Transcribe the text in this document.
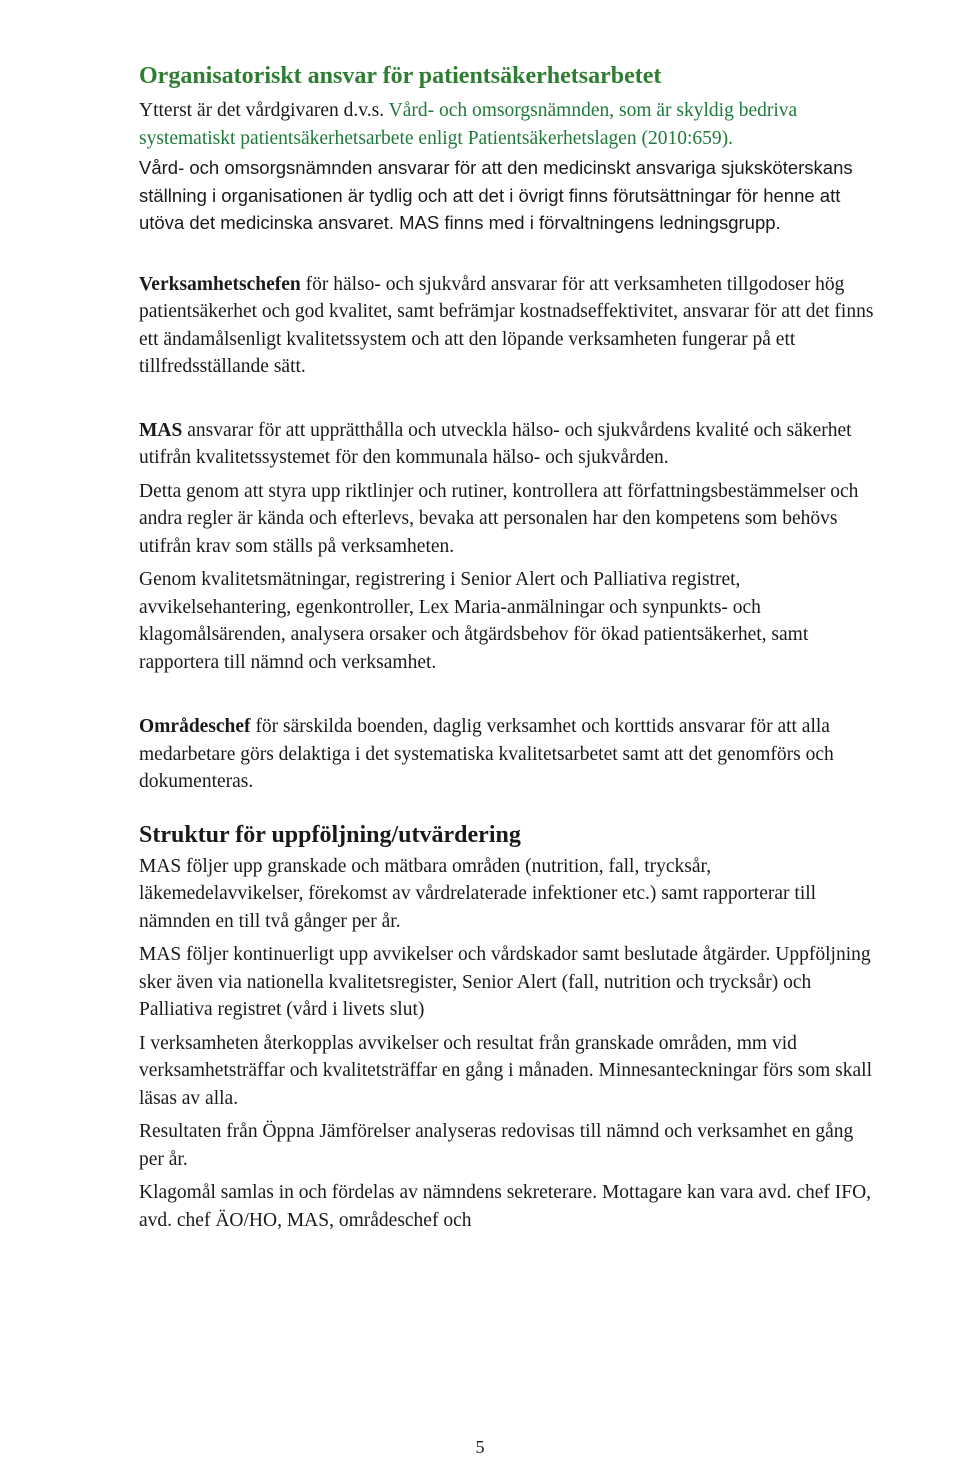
Organisatoriskt ansvar för patientsäkerhetsarbetet

Ytterst är det vårdgivaren d.v.s. Vård- och omsorgsnämnden, som är skyldig bedriva systematiskt patientsäkerhetsarbete enligt Patientsäkerhetslagen (2010:659).

Vård- och omsorgsnämnden ansvarar för att den medicinskt ansvariga sjuksköterskans ställning i organisationen är tydlig och att det i övrigt finns förutsättningar för henne att utöva det medicinska ansvaret. MAS finns med i förvaltningens ledningsgrupp.

Verksamhetschefen för hälso- och sjukvård ansvarar för att verksamheten tillgodoser hög patientsäkerhet och god kvalitet, samt befrämjar kostnadseffektivitet, ansvarar för att det finns ett ändamålsenligt kvalitetssystem och att den löpande verksamheten fungerar på ett tillfredsställande sätt.

MAS ansvarar för att upprätthålla och utveckla hälso- och sjukvårdens kvalité och säkerhet utifrån kvalitetssystemet för den kommunala hälso- och sjukvården.

Detta genom att styra upp riktlinjer och rutiner, kontrollera att författningsbestämmelser och andra regler är kända och efterlevs, bevaka att personalen har den kompetens som behövs utifrån krav som ställs på verksamheten.

Genom kvalitetsmätningar, registrering i Senior Alert och Palliativa registret, avvikelsehantering, egenkontroller, Lex Maria-anmälningar och synpunkts- och klagomålsärenden, analysera orsaker och åtgärdsbehov för ökad patientsäkerhet, samt rapportera till nämnd och verksamhet.

Områdeschef för särskilda boenden, daglig verksamhet och korttids ansvarar för att alla medarbetare görs delaktiga i det systematiska kvalitetsarbetet samt att det genomförs och dokumenteras.

Struktur för uppföljning/utvärdering

MAS följer upp granskade och mätbara områden (nutrition, fall, trycksår, läkemedelavvikelser, förekomst av vårdrelaterade infektioner etc.) samt rapporterar till nämnden en till två gånger per år.

MAS följer kontinuerligt upp avvikelser och vårdskador samt beslutade åtgärder. Uppföljning sker även via nationella kvalitetsregister, Senior Alert (fall, nutrition och trycksår) och Palliativa registret (vård i livets slut)

I verksamheten återkopplas avvikelser och resultat från granskade områden, mm vid verksamhetsträffar och kvalitetsträffar en gång i månaden. Minnesanteckningar förs som skall läsas av alla.

Resultaten från Öppna Jämförelser analyseras redovisas till nämnd och verksamhet en gång per år.

Klagomål samlas in och fördelas av nämndens sekreterare. Mottagare kan vara avd. chef IFO, avd. chef ÄO/HO, MAS, områdeschef och

5
